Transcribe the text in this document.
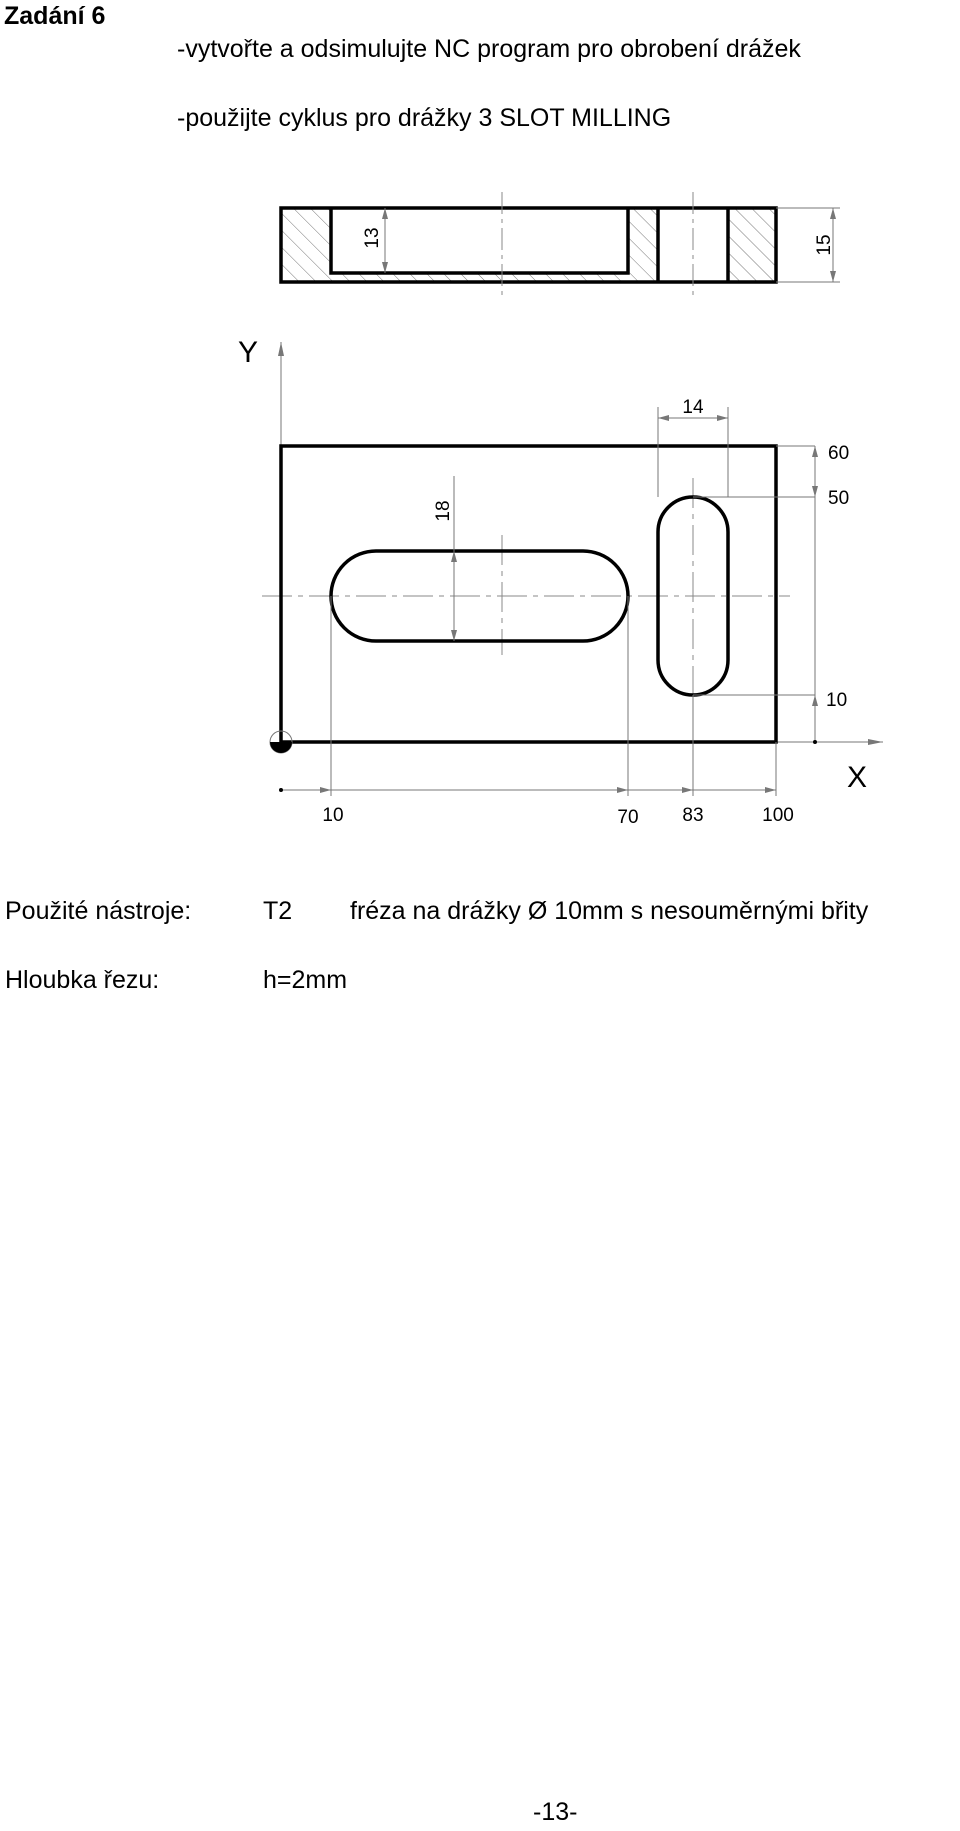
Zadání 6
-vytvořte a odsimulujte NC program pro obrobení drážek
-použijte cyklus pro drážky 3 SLOT MILLING
13	15
Y
X
18
14
60
50
10
10	70 83	100
Použité nástroje:	T2 fréza na drážky Ø 10mm s nesouměrnými břity
Hloubka řezu:	h=2mm
-13-
